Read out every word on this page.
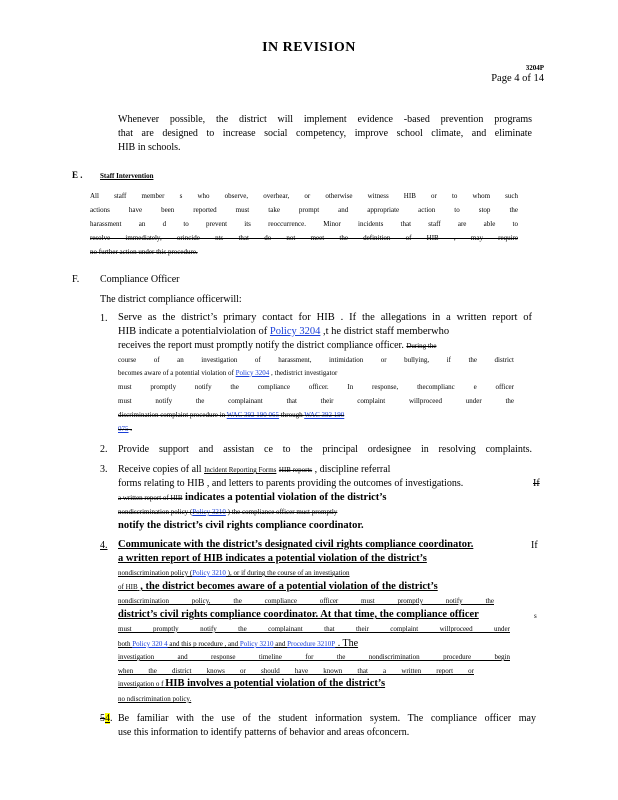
IN REVISION
3204P
Page 4 of 14
Whenever possible, the district will implement evidence -based prevention programs
that are designed to increase social competency, improve school climate, and eliminate
HIB in schools.
E . Staff Intervention
All staff member s who observe, overhear, or otherwise witness HIB or to whom such
actions have been reported must take prompt and appropriate action to stop the
harassment an d to prevent its reoccurrence. Minor incidents that staff are able to
resolve immediately, orincide nts that do not meet the definition of HIB , may require
no further action under this procedure.
F. Compliance Officer
The district compliance officerwill:
1. Serve as the district’s primary contact for HIB . If the allegations in a written report of
HIB indicate a potentialviolation of Policy 3204 ,t he district staff memberwho
receives the report must promptly notify the district compliance officer. During the
course of an investigation of harassment, intimidation or bullying, if the district
becomes aware of a potential violation of Policy 3204 , thedistrict investigator
must promptly notify the compliance officer. In response, thecomplianc e officer
must notify the complainant that their complaint willproceed under the
discrimination complaint procedure in WAC 392 190 065 through WAC 392 190
075 .
2. Provide support and assistan ce to the principal ordesignee in resolving complaints.
3. Receive copies of all Incident Reporting Forms HIB reports , discipline referral
forms relating to HIB , and letters to parents providing the outcomes of investigations.	If
a written report of HIB indicates a potential violation of the district’s
nondiscrimination policy (Policy 3210 ) the compliance officer must promptly
notify the district’s civil rights compliance coordinator.
4. Communicate with the district’s designated civil rights compliance coordinator.	If
a written report of HIB indicates a potential violation of the district’s
nondiscrimination policy (Policy 3210 ), or if during the course of an investigation
of HIB , the district becomes aware of a potential violation of the district’s
nondiscrimination policy, the compliance officer must promptly notify the
district’s civil rights compliance coordinator. At that time, the compliance officer	s
must promptly notify the complainant that their complaint willproceed under
both Policy 320 4 and this p rocedure , and Policy 3210 and Procedure 3210P . The
investigation and response timeline for the nondiscrimination procedure begin
when the district knows or should have known that a written report or
investigation o f HIB involves a potential violation of the district’s
no ndiscrimination policy.
54. Be familiar with the use of the student information system. The compliance officer may
use this information to identify patterns of behavior and areas ofconcern.
